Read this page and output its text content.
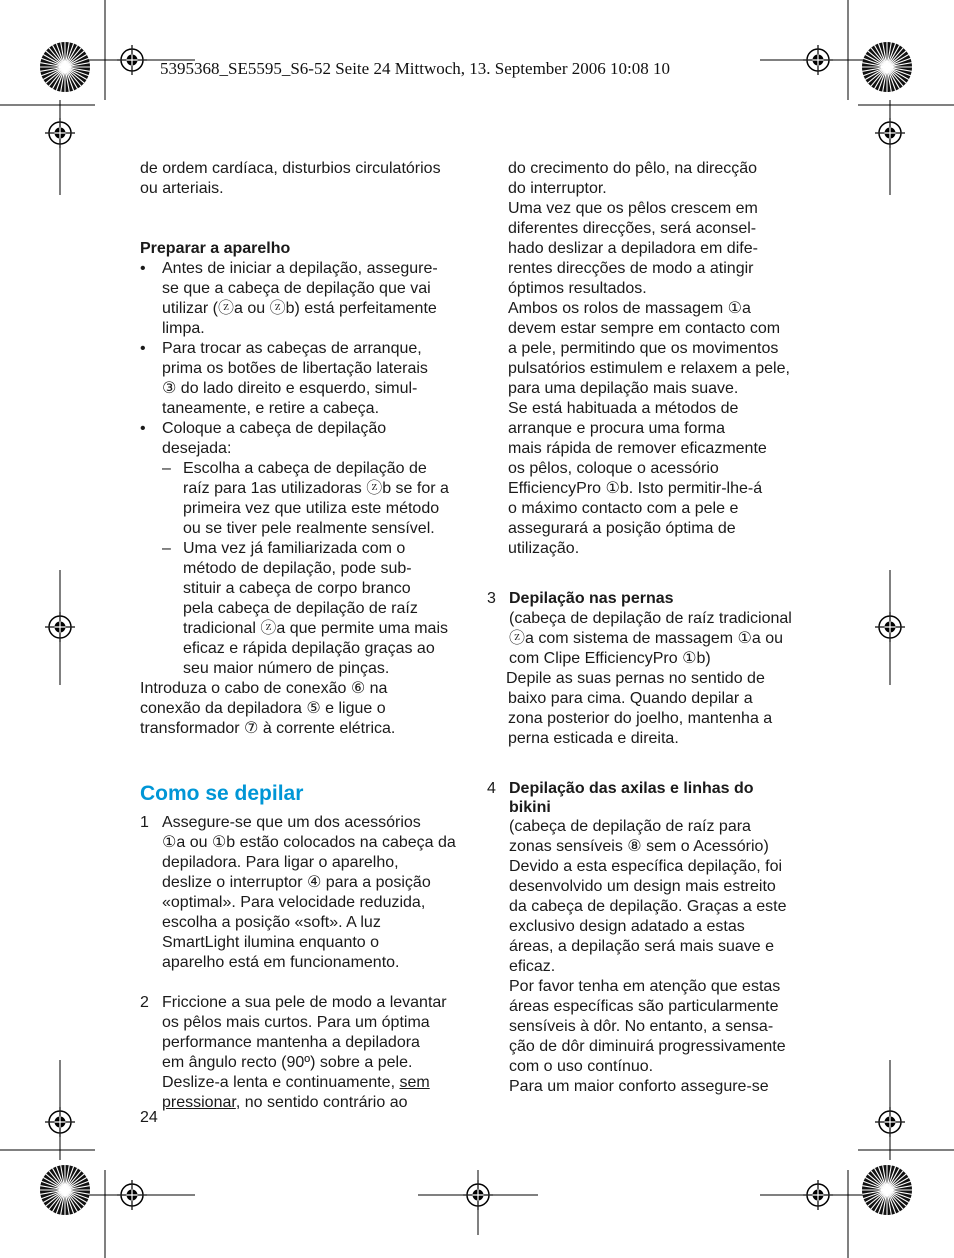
5395368_SE5595_S6-52 Seite 24 Mittwoch, 13. September 2006 10:08 10

de ordem cardíaca, disturbios circulatórios

ou arteriais.

Preparar a aparelho

• Antes de iniciar a depilação, assegure-

se que a cabeça de depilação que vai

utilizar (ⓩa ou ⓩb) está perfeitamente

limpa.

• Para trocar as cabeças de arranque,

prima os botões de libertação laterais

③ do lado direito e esquerdo, simul-

taneamente, e retire a cabeça.

• Coloque a cabeça de depilação

desejada:

– Escolha a cabeça de depilação de

raíz para 1as utilizadoras ⓩb se for a

primeira vez que utiliza este método

ou se tiver pele realmente sensível.

– Uma vez já familiarizada com o

método de depilação, pode sub-

stituir a cabeça de corpo branco

pela cabeça de depilação de raíz

tradicional ⓩa que permite uma mais

eficaz e rápida depilação graças ao

seu maior número de pinças.

Introduza o cabo de conexão ⑥ na

conexão da depiladora ⑤ e ligue o

transformador ⑦ à corrente elétrica.

Como se depilar

1 Assegure-se que um dos acessórios

①a ou ①b estão colocados na cabeça da

depiladora. Para ligar o aparelho,

deslize o interruptor ④ para a posição

«optimal». Para velocidade reduzida,

escolha a posição «soft». A luz

SmartLight ilumina enquanto o

aparelho está em funcionamento.

2 Friccione a sua pele de modo a levantar

os pêlos mais curtos. Para um óptima

performance mantenha a depiladora

em ângulo recto (90º) sobre a pele.

Deslize-a lenta e continuamente, sem

pressionar, no sentido contrário ao

do crecimento do pêlo, na direcção

do interruptor.

Uma vez que os pêlos crescem em

diferentes direcções, será aconsel-

hado deslizar a depiladora em dife-

rentes direcções de modo a atingir

óptimos resultados.

Ambos os rolos de massagem ①a

devem estar sempre em contacto com

a pele, permitindo que os movimentos

pulsatórios estimulem e relaxem a pele,

para uma depilação mais suave.

Se está habituada a métodos de

arranque e procura uma forma

mais rápida de remover eficazmente

os pêlos, coloque o acessório

EfficiencyPro ①b. Isto permitir-lhe-á

o máximo contacto com a pele e

assegurará a posição óptima de

utilização.

3 Depilação nas pernas

(cabeça de depilação de raíz tradicional

ⓩa com sistema de massagem ①a ou

com Clipe EfficiencyPro ①b)

Depile as suas pernas no sentido de

baixo para cima. Quando depilar a

zona posterior do joelho, mantenha a

perna esticada e direita.

4 Depilação das axilas e linhas do

bikini

(cabeça de depilação de raíz para

zonas sensíveis ⑧ sem o Acessório)

Devido a esta específica depilação, foi

desenvolvido um design mais estreito

da cabeça de depilação. Graças a este

exclusivo design adatado a estas

áreas, a depilação será mais suave e

eficaz.

Por favor tenha em atenção que estas

áreas específicas são particularmente

sensíveis à dôr. No entanto, a sensa-

ção de dôr diminuirá progressivamente

com o uso contínuo.

Para um maior conforto assegure-se

24
